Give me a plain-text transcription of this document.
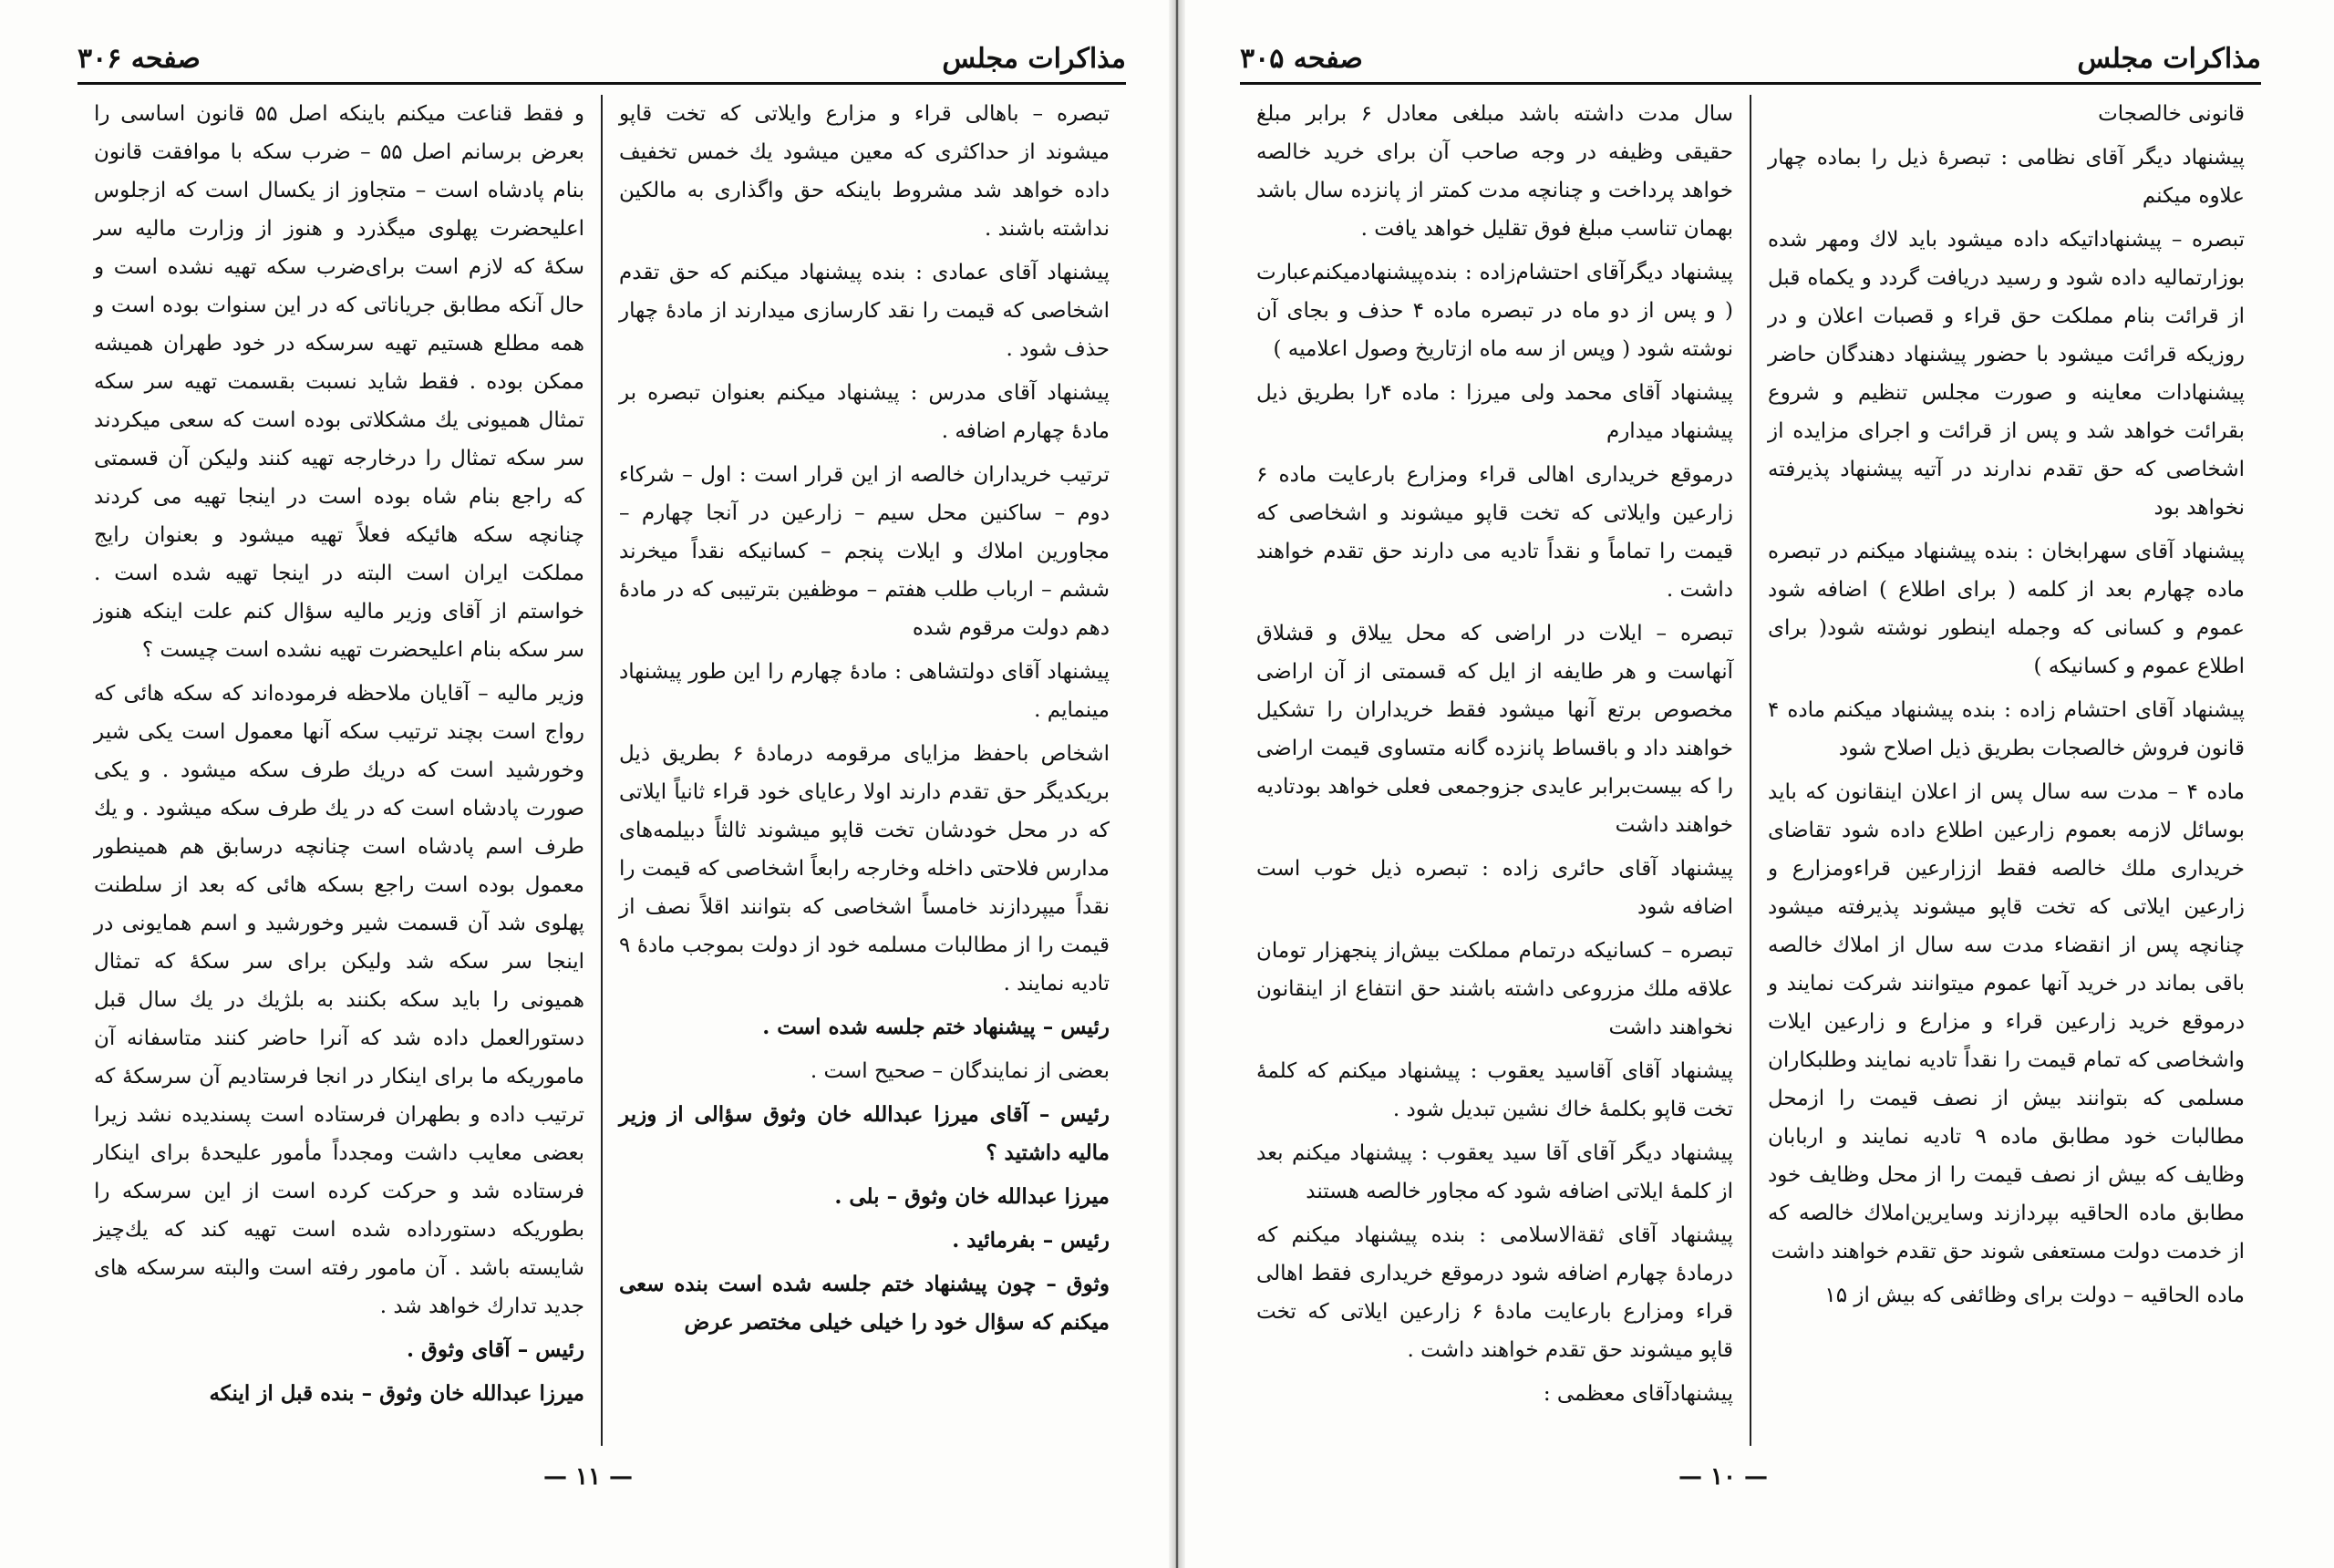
مذاکرات مجلس
صفحه ۳۰۶

تبصره – باهالی قراء و مزارع وایلاتی که تخت قاپو میشوند از حداکثری که معین میشود یك خمس تخفیف داده خواهد شد مشروط باینکه حق واگذاری به مالکین نداشته باشند .

پیشنهاد آقای عمادی : بنده پیشنهاد میکنم که حق تقدم اشخاصی که قیمت را نقد کارسازی میدارند از مادهٔ چهار حذف شود .

پیشنهاد آقای مدرس : پیشنهاد میکنم بعنوان تبصره بر مادهٔ چهارم اضافه .

ترتیب خریداران خالصه از این قرار است : اول – شرکاء دوم – ساکنین محل سیم – زارعین در آنجا چهارم – مجاورین املاك و ایلات پنجم – کسانیکه نقداً میخرند ششم – ارباب طلب هفتم – موظفین بترتیبی که در مادهٔ دهم دولت مرقوم شده

پیشنهاد آقای دولتشاهی : مادهٔ چهارم را این طور پیشنهاد مینمایم .

اشخاص باحفظ مزایای مرقومه درمادهٔ ۶ بطریق ذیل بریکدیگر حق تقدم دارند اولا رعایای خود قراء ثانیاً ایلاتی که در محل خودشان تخت قاپو میشوند ثالثاً دبیلمه‌های مدارس فلاحتی داخله وخارجه رابعاً اشخاصی که قیمت را نقداً میپردازند خامساً اشخاصی که بتوانند اقلاً نصف از قیمت را از مطالبات مسلمه خود از دولت بموجب مادهٔ ۹ تادیه نمایند .

رئیس – پیشنهاد ختم جلسه شده است .

بعضی از نمایندگان – صحیح است .

رئیس – آقای میرزا عبدالله خان وثوق سؤالی از وزیر مالیه داشتید ؟

میرزا عبدالله خان وثوق – بلی .

رئیس – بفرمائید .

وثوق – چون پیشنهاد ختم جلسه شده است بنده سعی میکنم که سؤال خود را خیلی خیلی مختصر عرض

و فقط قناعت میکنم باینکه اصل ۵۵ قانون اساسی را بعرض برسانم اصل ۵۵ – ضرب سکه با موافقت قانون بنام پادشاه است – متجاوز از یکسال است که ازجلوس اعلیحضرت پهلوی میگذرد و هنوز از وزارت مالیه سر سکهٔ که لازم است برای‌ضرب سکه تهیه نشده است و حال آنکه مطابق جریاناتی که در این سنوات بوده است و همه مطلع هستیم تهیه سرسکه در خود طهران همیشه ممکن بوده . فقط شاید نسبت بقسمت تهیه سر سکه تمثال همیونی یك مشکلاتی بوده است که سعی میکردند سر سکه تمثال را درخارجه تهیه کنند ولیکن آن قسمتی که راجع بنام شاه بوده است در اینجا تهیه می کردند چنانچه سکه هائیکه فعلاً تهیه میشود و بعنوان رایج مملکت ایران است البته در اینجا تهیه شده است . خواستم از آقای وزیر مالیه سؤال کنم علت اینکه هنوز سر سکه بنام اعلیحضرت تهیه نشده است چیست ؟

وزیر مالیه – آقایان ملاحظه فرموده‌اند که سکه هائی که رواج است بچند ترتیب سکه آنها معمول است یکی شیر وخورشید است که دریك طرف سکه میشود . و یکی صورت پادشاه است که در یك طرف سکه میشود . و یك طرف اسم پادشاه است چنانچه درسابق هم همینطور معمول بوده است راجع بسکه هائی که بعد از سلطنت پهلوی شد آن قسمت شیر وخورشید و اسم همایونی در اینجا سر سکه شد ولیکن برای سر سکهٔ که تمثال همیونی را باید سکه بکنند به بلژیك در یك سال قبل دستورالعمل داده شد که آنرا حاضر کنند متاسفانه آن ماموریکه ما برای اینکار در انجا فرستادیم آن سرسکهٔ که ترتیب داده و بطهران فرستاده است پسندیده نشد زیرا بعضی معایب داشت ومجدداً مأمور علیحدهٔ برای اینکار فرستاده شد و حرکت کرده است از این سرسکه را بطوریکه دستورداده شده است تهیه کند که یك‌چیز شایسته باشد . آن مامور رفته است والبته سرسکه های جدید تدارك خواهد شد .

رئیس – آقای وثوق .

میرزا عبدالله خان وثوق – بنده قبل از اینکه

— ۱۱ —
مذاکرات مجلس
صفحه ۳۰۵

قانونی خالصجات

پیشنهاد دیگر آقای نظامی : تبصرهٔ ذیل را بماده چهار علاوه میکنم

تبصره – پیشنهاداتیکه داده میشود باید لاك ومهر شده بوزارتمالیه داده شود و رسید دریافت گردد و یکماه قبل از قرائت بنام مملکت حق قراء و قصبات اعلان و در روزیکه قرائت میشود با حضور پیشنهاد دهندگان حاضر پیشنهادات معاینه و صورت مجلس تنظیم و شروع بقرائت خواهد شد و پس از قرائت و اجرای مزایده از اشخاصی که حق تقدم ندارند در آتیه پیشنهاد پذیرفته نخواهد بود

پیشنهاد آقای سهرابخان : بنده پیشنهاد میکنم در تبصره ماده چهارم بعد از کلمه ( برای اطلاع ) اضافه شود عموم و کسانی که وجمله اینطور نوشته شود( برای اطلاع عموم و کسانیکه )

پیشنهاد آقای احتشام زاده : بنده پیشنهاد میکنم ماده ۴ قانون فروش خالصجات بطریق ذیل اصلاح شود

ماده ۴ – مدت سه سال پس از اعلان اینقانون که باید بوسائل لازمه بعموم زارعین اطلاع داده شود تقاضای خریداری ملك خالصه فقط اززارعین قراءومزارع و زارعین ایلاتی که تخت قاپو میشوند پذیرفته میشود چنانچه پس از انقضاء مدت سه سال از املاك خالصه باقی بماند در خرید آنها عموم میتوانند شرکت نمایند و درموقع خرید زارعین قراء و مزارع و زارعین ایلات واشخاصی که تمام قیمت را نقداً تادیه نمایند وطلبکاران مسلمی که بتوانند بیش از نصف قیمت را از‌محل مطالبات خود مطابق ماده ۹ تادیه نمایند و اربابان وظایف که بیش از نصف قیمت را از محل وظایف خود مطابق ماده الحاقیه بپردازند وسایرین‌املاك خالصه که از خدمت دولت مستعفی شوند حق تقدم خواهند داشت

ماده الحاقیه – دولت برای وظائفی که بیش از ۱۵

سال مدت داشته باشد مبلغی معادل ۶ برابر مبلغ حقیقی وظیفه در وجه صاحب آن برای خرید خالصه خواهد پرداخت و چنانچه مدت کمتر از پانزده سال باشد بهمان تناسب مبلغ فوق تقلیل خواهد یافت .

پیشنهاد دیگرآقای احتشام‌زاده : بنده‌پیشنهادمیکنم‌عبارت ( و پس از دو ماه در تبصره ماده ۴ حذف و بجای آن نوشته شود ( وپس از سه ماه ازتاریخ وصول اعلامیه )

پیشنهاد آقای محمد ولی میرزا : ماده ۴را بطریق ذیل پیشنهاد میدارم

درموقع خریداری اهالی قراء ومزارع بارعایت ماده ۶ زارعین وایلاتی که تخت قاپو میشوند و اشخاصی که قیمت را تماماً و نقداً تادیه می دارند حق تقدم خواهند داشت .

تبصره – ایلات در اراضی که محل ییلاق و قشلاق آنهاست و هر طایفه از ایل که قسمتی از آن اراضی مخصوص برتع آنها میشود فقط خریداران را تشکیل خواهند داد و باقساط پانزده گانه متساوی قیمت اراضی را که بیست‌برابر عایدی جزوجمعی فعلی خواهد بود‌تادیه خواهند داشت

پیشنهاد آقای حائری زاده : تبصره ذیل خوب است اضافه شود

تبصره – کسانیکه در‌تمام مملکت بیش‌از پنجهزار تومان علاقه ملك مزروعی داشته باشند حق انتفاع از اینقانون نخواهند داشت

پیشنهاد آقای آقاسید یعقوب : پیشنهاد میکنم که کلمهٔ تخت قاپو بکلمهٔ خاك نشین تبدیل شود .

پیشنهاد دیگر آقای آقا سید یعقوب : پیشنهاد میکنم بعد از کلمهٔ ایلاتی اضافه شود که مجاور خالصه هستند

پیشنهاد آقای ثقةالاسلامی : بنده پیشنهاد میکنم که درمادهٔ چهارم اضافه شود درموقع خریداری فقط اهالی قراء ومزارع بارعایت مادهٔ ۶ زارعین ایلاتی که تخت قاپو میشوند حق تقدم خواهند داشت .

پیشنهادآقای معظمی :

— ۱۰ —
